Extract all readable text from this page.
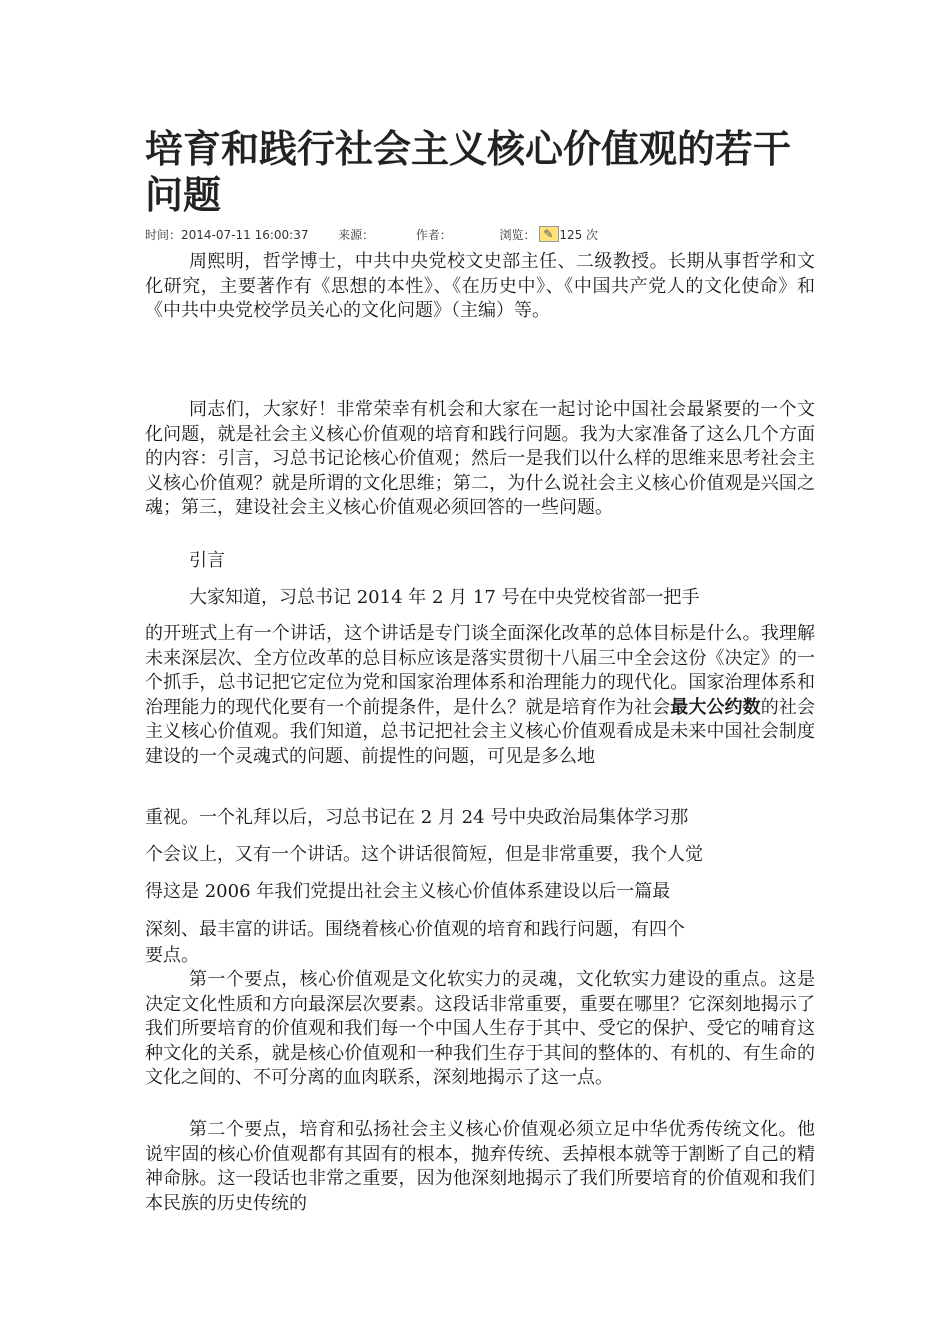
培育和践行社会主义核心价值观的若干问题
时间：2014-07-11 16:00:37 来源：	作者：	浏览： ✎ 125 次

周熙明，哲学博士，中共中央党校文史部主任、二级教授。长期从事哲学和文化研究，主要著作有《思想的本性》、《在历史中》、《中国共产党人的文化使命》和《中共中央党校学员关心的文化问题》（主编）等。

同志们，大家好！非常荣幸有机会和大家在一起讨论中国社会最紧要的一个文化问题，就是社会主义核心价值观的培育和践行问题。我为大家准备了这么几个方面的内容：引言，习总书记论核心价值观；然后一是我们以什么样的思维来思考社会主义核心价值观？就是所谓的文化思维；第二，为什么说社会主义核心价值观是兴国之魂；第三，建设社会主义核心价值观必须回答的一些问题。

引言

大家知道，习总书记 2014 年 2 月 17 号在中央党校省部一把手

的开班式上有一个讲话，这个讲话是专门谈全面深化改革的总体目标是什么。我理解未来深层次、全方位改革的总目标应该是落实贯彻十八届三中全会这份《决定》的一个抓手，总书记把它定位为党和国家治理体系和治理能力的现代化。国家治理体系和治理能力的现代化要有一个前提条件，是什么？就是培育作为社会最大公约数的社会主义核心价值观。我们知道，总书记把社会主义核心价值观看成是未来中国社会制度建设的一个灵魂式的问题、前提性的问题，可见是多么地

重视。一个礼拜以后，习总书记在 2 月 24 号中央政治局集体学习那

个会议上，又有一个讲话。这个讲话很简短，但是非常重要，我个人觉

得这是 2006 年我们党提出社会主义核心价值体系建设以后一篇最

深刻、最丰富的讲话。围绕着核心价值观的培育和践行问题，有四个

要点。

第一个要点，核心价值观是文化软实力的灵魂，文化软实力建设的重点。这是决定文化性质和方向最深层次要素。这段话非常重要，重要在哪里？它深刻地揭示了我们所要培育的价值观和我们每一个中国人生存于其中、受它的保护、受它的哺育这种文化的关系，就是核心价值观和一种我们生存于其间的整体的、有机的、有生命的文化之间的、不可分离的血肉联系，深刻地揭示了这一点。

第二个要点，培育和弘扬社会主义核心价值观必须立足中华优秀传统文化。他说牢固的核心价值观都有其固有的根本，抛弃传统、丢掉根本就等于割断了自己的精神命脉。这一段话也非常之重要，因为他深刻地揭示了我们所要培育的价值观和我们本民族的历史传统的
